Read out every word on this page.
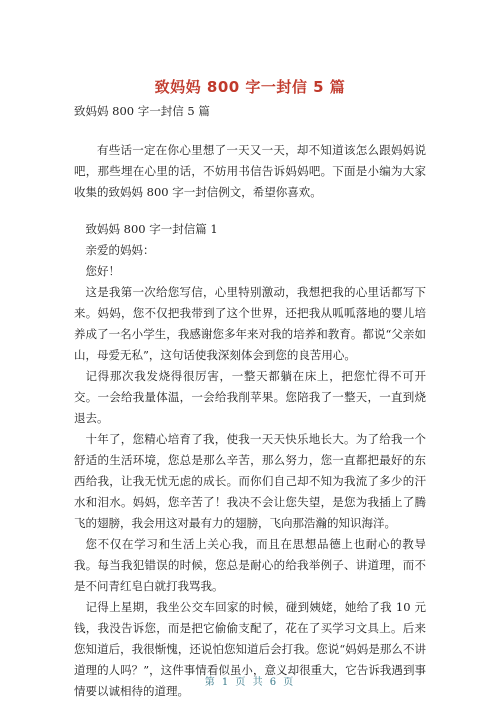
致妈妈 800 字一封信 5 篇
致妈妈 800 字一封信 5 篇

有些话一定在你心里想了一天又一天，却不知道该怎么跟妈妈说吧，那些埋在心里的话，不妨用书信告诉妈妈吧。下面是小编为大家收集的致妈妈 800 字一封信例文，希望你喜欢。

致妈妈 800 字一封信篇 1

亲爱的妈妈：

您好！

这是我第一次给您写信，心里特别激动，我想把我的心里话都写下来。妈妈，您不仅把我带到了这个世界，还把我从呱呱落地的婴儿培养成了一名小学生，我感谢您多年来对我的培养和教育。都说“父亲如山，母爱无私”，这句话使我深刻体会到您的良苦用心。

记得那次我发烧得很厉害，一整天都躺在床上，把您忙得不可开交。一会给我量体温，一会给我削苹果。您陪我了一整天，一直到烧退去。

十年了，您精心培育了我，使我一天天快乐地长大。为了给我一个舒适的生活环境，您总是那么辛苦，那么努力，您一直都把最好的东西给我，让我无忧无虑的成长。而你们自己却不知为我流了多少的汗水和泪水。妈妈，您辛苦了！我决不会让您失望，是您为我插上了腾飞的翅膀，我会用这对最有力的翅膀，飞向那浩瀚的知识海洋。

您不仅在学习和生活上关心我，而且在思想品德上也耐心的教导我。每当我犯错误的时候，您总是耐心的给我举例子、讲道理，而不是不问青红皂白就打我骂我。

记得上星期，我坐公交车回家的时候，碰到姨姥，她给了我 10 元钱，我没告诉您，而是把它偷偷支配了，花在了买学习文具上。后来您知道后，我很惭愧，还说怕您知道后会打我。您说“妈妈是那么不讲道理的人吗？”，这件事情看似虽小，意义却很重大，它告诉我遇到事情要以诚相待的道理。

第 1 页 共 6 页
